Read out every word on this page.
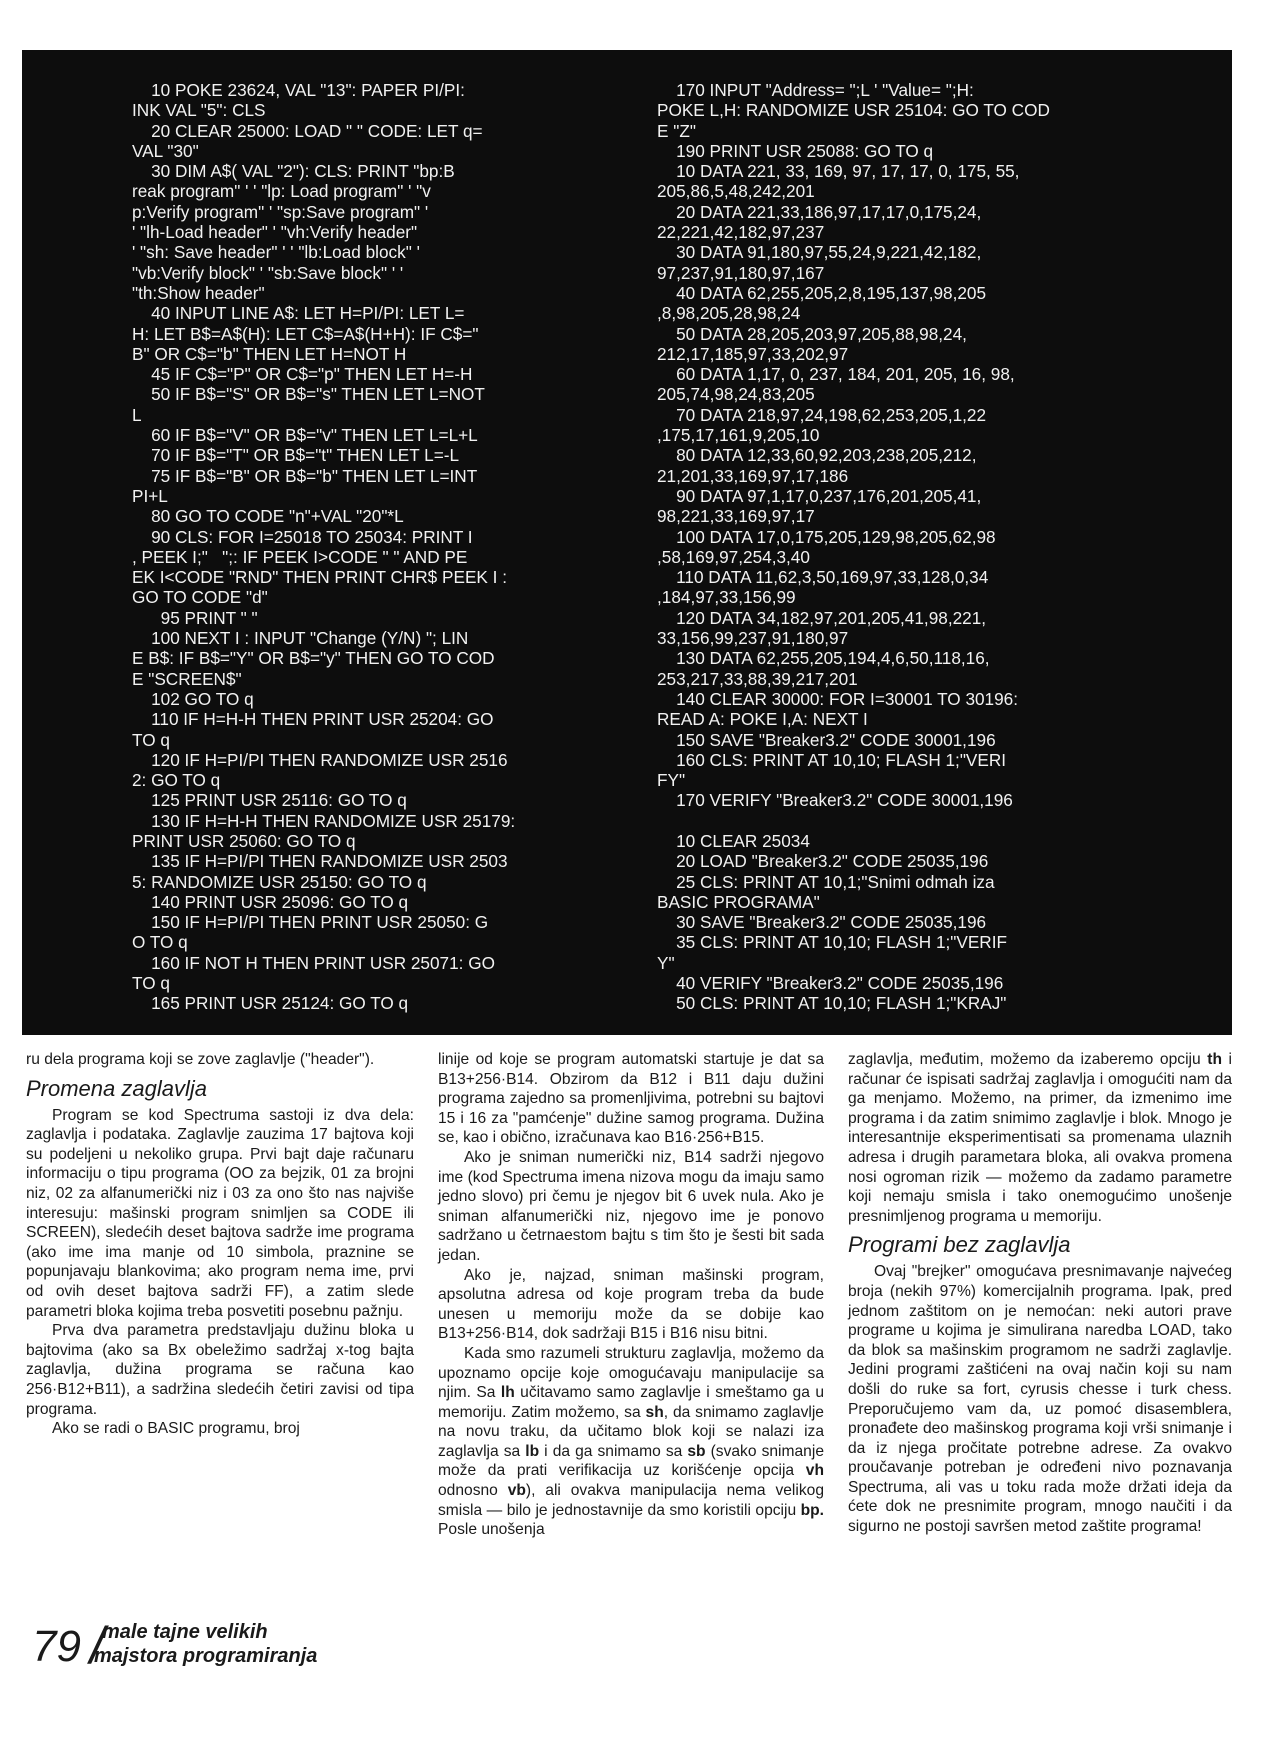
10 POKE 23624, VAL "13": PAPER PI/PI:
INK VAL "5": CLS
20 CLEAR 25000: LOAD " " CODE: LET q=
VAL "30"
30 DIM A$( VAL "2"): CLS: PRINT "bp:B
reak program" ' ' "lp: Load program" ' "v
p:Verify program" ' "sp:Save program" '
' "lh-Load header" ' "vh:Verify header"
' "sh: Save header" ' ' "lb:Load block" '
"vb:Verify block" ' "sb:Save block" ' '
"th:Show header"
40 INPUT LINE A$: LET H=PI/PI: LET L=
H: LET B$=A$(H): LET C$=A$(H+H): IF C$="
B" OR C$="b" THEN LET H=NOT H
45 IF C$="P" OR C$="p" THEN LET H=-H
50 IF B$="S" OR B$="s" THEN LET L=NOT
L
60 IF B$="V" OR B$="v" THEN LET L=L+L
70 IF B$="T" OR B$="t" THEN LET L=-L
75 IF B$="B" OR B$="b" THEN LET L=INT
PI+L
80 GO TO CODE "n"+VAL "20"*L
90 CLS: FOR I=25018 TO 25034: PRINT I
, PEEK I;"   ";: IF PEEK I>CODE " " AND PE
EK I<CODE "RND" THEN PRINT CHR$ PEEK I :
GO TO CODE "d"
95 PRINT " "
100 NEXT I : INPUT "Change (Y/N) "; LIN
E B$: IF B$="Y" OR B$="y" THEN GO TO COD
E "SCREEN$"
102 GO TO q
110 IF H=H-H THEN PRINT USR 25204: GO
TO q
120 IF H=PI/PI THEN RANDOMIZE USR 2516
2: GO TO q
125 PRINT USR 25116: GO TO q
130 IF H=H-H THEN RANDOMIZE USR 25179:
PRINT USR 25060: GO TO q
135 IF H=PI/PI THEN RANDOMIZE USR 2503
5: RANDOMIZE USR 25150: GO TO q
140 PRINT USR 25096: GO TO q
150 IF H=PI/PI THEN PRINT USR 25050: G
O TO q
160 IF NOT H THEN PRINT USR 25071: GO
TO q
165 PRINT USR 25124: GO TO q
170 INPUT "Address= ";L ' "Value= ";H:
POKE L,H: RANDOMIZE USR 25104: GO TO COD
E "Z"
190 PRINT USR 25088: GO TO q
10 DATA 221, 33, 169, 97, 17, 17, 0, 175, 55,
205,86,5,48,242,201
20 DATA 221,33,186,97,17,17,0,175,24,
22,221,42,182,97,237
30 DATA 91,180,97,55,24,9,221,42,182,
97,237,91,180,97,167
40 DATA 62,255,205,2,8,195,137,98,205
,8,98,205,28,98,24
50 DATA 28,205,203,97,205,88,98,24,
212,17,185,97,33,202,97
60 DATA 1,17, 0, 237, 184, 201, 205, 16, 98,
205,74,98,24,83,205
70 DATA 218,97,24,198,62,253,205,1,22
,175,17,161,9,205,10
80 DATA 12,33,60,92,203,238,205,212,
21,201,33,169,97,17,186
90 DATA 97,1,17,0,237,176,201,205,41,
98,221,33,169,97,17
100 DATA 17,0,175,205,129,98,205,62,98
,58,169,97,254,3,40
110 DATA 11,62,3,50,169,97,33,128,0,34
,184,97,33,156,99
120 DATA 34,182,97,201,205,41,98,221,
33,156,99,237,91,180,97
130 DATA 62,255,205,194,4,6,50,118,16,
253,217,33,88,39,217,201
140 CLEAR 30000: FOR I=30001 TO 30196:
READ A: POKE I,A: NEXT I
150 SAVE "Breaker3.2" CODE 30001,196
160 CLS: PRINT AT 10,10; FLASH 1;"VERI
FY"
170 VERIFY "Breaker3.2" CODE 30001,196

10 CLEAR 25034
20 LOAD "Breaker3.2" CODE 25035,196
25 CLS: PRINT AT 10,1;"Snimi odmah iza
BASIC PROGRAMA"
30 SAVE "Breaker3.2" CODE 25035,196
35 CLS: PRINT AT 10,10; FLASH 1;"VERIF
Y"
40 VERIFY "Breaker3.2" CODE 25035,196
50 CLS: PRINT AT 10,10; FLASH 1;"KRAJ"

ru dela programa koji se zove zaglavlje ("header").

Promena zaglavlja

Program se kod Spectruma sastoji iz dva dela: zaglavlja i podataka. Zaglavlje zauzima 17 bajtova koji su podeljeni u nekoliko grupa. Prvi bajt daje računaru informaciju o tipu programa (OO za bejzik, 01 za brojni niz, 02 za alfanumerički niz i 03 za ono što nas najviše interesuju: mašinski program snimljen sa CODE ili SCREEN), sledećih deset bajtova sadrže ime programa (ako ime ima manje od 10 simbola, praznine se popunjavaju blankovima; ako program nema ime, prvi od ovih deset bajtova sadrži FF), a zatim slede parametri bloka kojima treba posvetiti posebnu pažnju.

Prva dva parametra predstavljaju dužinu bloka u bajtovima (ako sa Bx obeležimo sadržaj x-tog bajta zaglavlja, dužina programa se računa kao 256·B12+B11), a sadržina sledećih četiri zavisi od tipa programa.

Ako se radi o BASIC programu, broj

linije od koje se program automatski startuje je dat sa B13+256·B14. Obzirom da B12 i B11 daju dužini programa zajedno sa promenljivima, potrebni su bajtovi 15 i 16 za "pamćenje" dužine samog programa. Dužina se, kao i obično, izračunava kao B16·256+B15.

Ako je sniman numerički niz, B14 sadrži njegovo ime (kod Spectruma imena nizova mogu da imaju samo jedno slovo) pri čemu je njegov bit 6 uvek nula. Ako je sniman alfanumerički niz, njegovo ime je ponovo sadržano u četrnaestom bajtu s tim što je šesti bit sada jedan.

Ako je, najzad, sniman mašinski program, apsolutna adresa od koje program treba da bude unesen u memoriju može da se dobije kao B13+256·B14, dok sadržaji B15 i B16 nisu bitni.

Kada smo razumeli strukturu zaglavlja, možemo da upoznamo opcije koje omogućavaju manipulacije sa njim. Sa lh učitavamo samo zaglavlje i smeštamo ga u memoriju. Zatim možemo, sa sh, da snimamo zaglavlje na novu traku, da učitamo blok koji se nalazi iza zaglavlja sa lb i da ga snimamo sa sb (svako snimanje može da prati verifikacija uz korišćenje opcija vh odnosno vb), ali ovakva manipulacija nema velikog smisla — bilo je jednostavnije da smo koristili opciju bp. Posle unošenja

zaglavlja, međutim, možemo da izaberemo opciju th i računar će ispisati sadržaj zaglavlja i omogućiti nam da ga menjamo. Možemo, na primer, da izmenimo ime programa i da zatim snimimo zaglavlje i blok. Mnogo je interesantnije eksperimentisati sa promenama ulaznih adresa i drugih parametara bloka, ali ovakva promena nosi ogroman rizik — možemo da zadamo parametre koji nemaju smisla i tako onemogućimo unošenje presnimljenog programa u memoriju.

Programi bez zaglavlja

Ovaj "brejker" omogućava presnimavanje najvećeg broja (nekih 97%) komercijalnih programa. Ipak, pred jednom zaštitom on je nemoćan: neki autori prave programe u kojima je simulirana naredba LOAD, tako da blok sa mašinskim programom ne sadrži zaglavlje. Jedini programi zaštićeni na ovaj način koji su nam došli do ruke sa fort, cyrusis chesse i turk chess. Preporučujemo vam da, uz pomoć disasemblera, pronađete deo mašinskog programa koji vrši snimanje i da iz njega pročitate potrebne adrese. Za ovakvo proučavanje potreban je određeni nivo poznavanja Spectruma, ali vas u toku rada može držati ideja da ćete dok ne presnimite program, mnogo naučiti i da sigurno ne postoji savršen metod zaštite programa!

79 /
male tajne velikih
majstora programiranja
